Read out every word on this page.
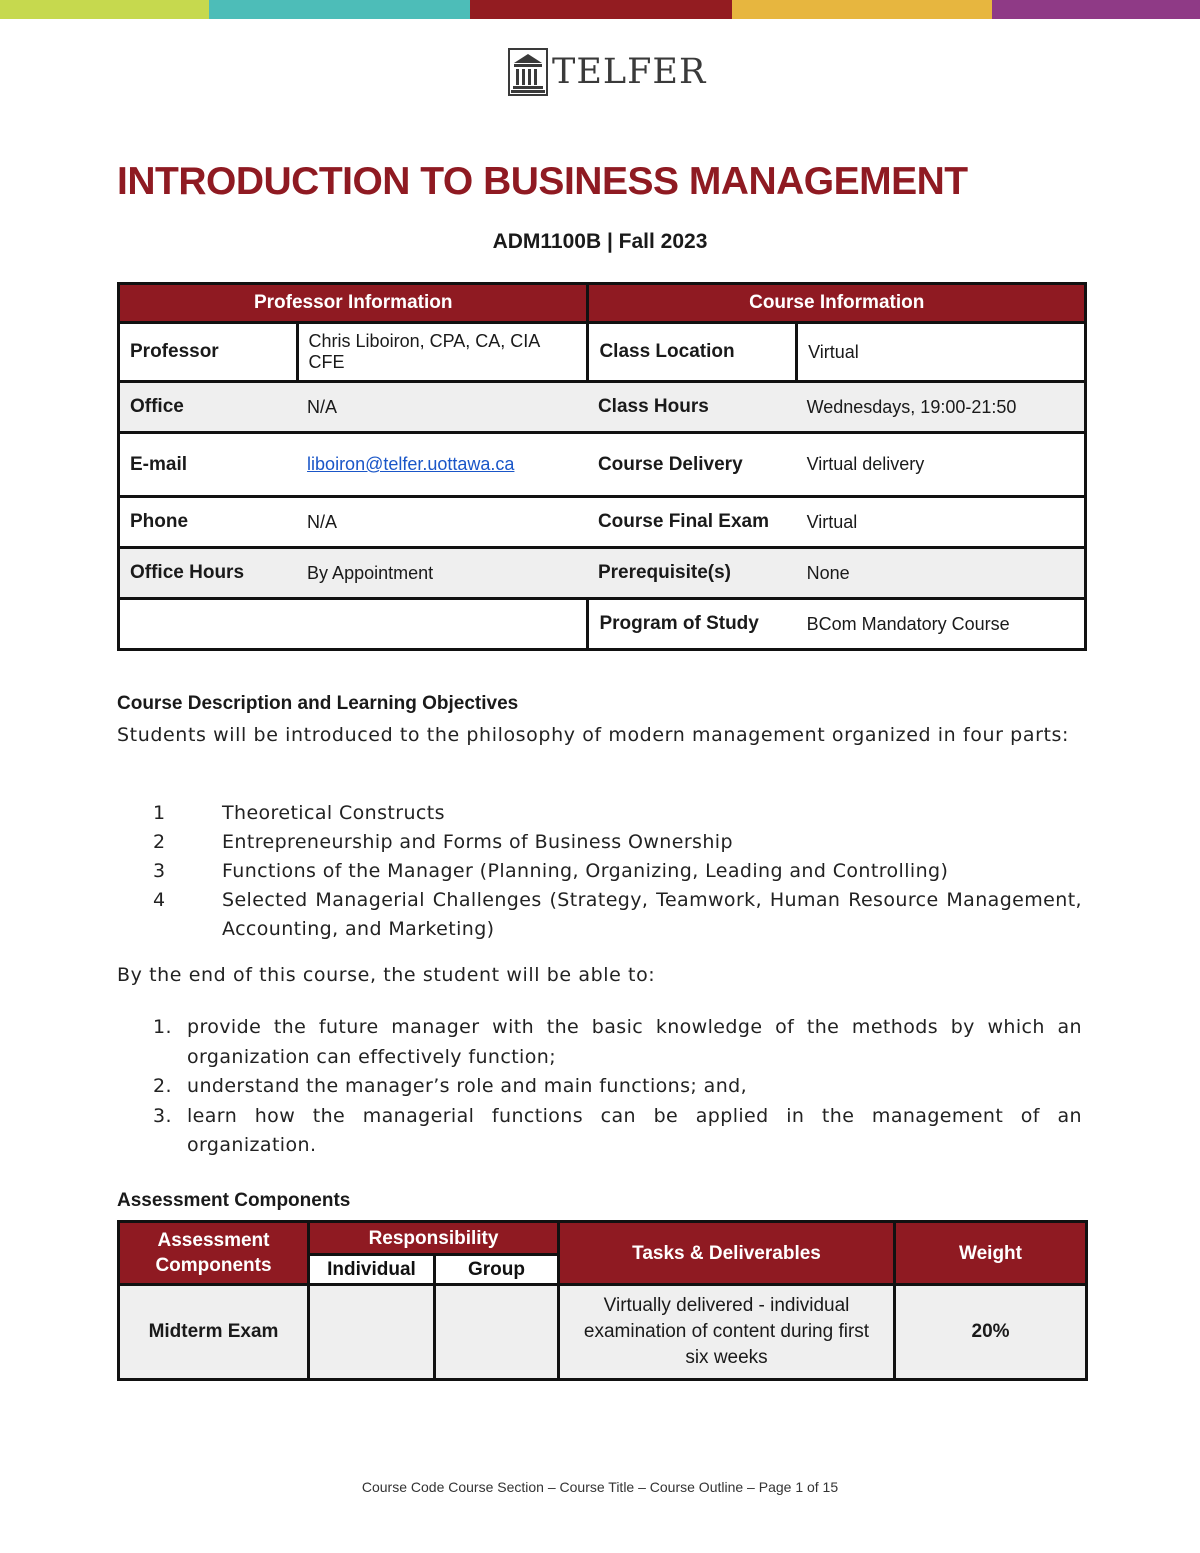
TELFER
INTRODUCTION TO BUSINESS MANAGEMENT
ADM1100B | Fall 2023
Professor Information		Course Information	
Professor	Chris Liboiron, CPA, CA, CIA CFE	Class Location	Virtual
Office	N/A	Class Hours	Wednesdays, 19:00-21:50
E-mail	liboiron@telfer.uottawa.ca	Course Delivery	Virtual delivery
Phone	N/A	Course Final Exam	Virtual
Office Hours	By Appointment	Prerequisite(s)	None
		Program of Study	BCom Mandatory Course
Course Description and Learning Objectives
Students will be introduced to the philosophy of modern management organized in four parts:
1	Theoretical Constructs
2	Entrepreneurship and Forms of Business Ownership
3	Functions of the Manager (Planning, Organizing, Leading and Controlling)
4	Selected Managerial Challenges (Strategy, Teamwork, Human Resource Management, Accounting, and Marketing)
By the end of this course, the student will be able to:
1. provide the future manager with the basic knowledge of the methods by which an organization can effectively function;
2. understand the manager’s role and main functions; and,
3. learn how the managerial functions can be applied in the management of an organization.
Assessment Components
Assessment Components	Responsibility		Tasks & Deliverables	Weight
	Individual	Group		
Midterm Exam			Virtually delivered - individual examination of content during first six weeks	20%
Course Code Course Section – Course Title – Course Outline – Page 1 of 15
